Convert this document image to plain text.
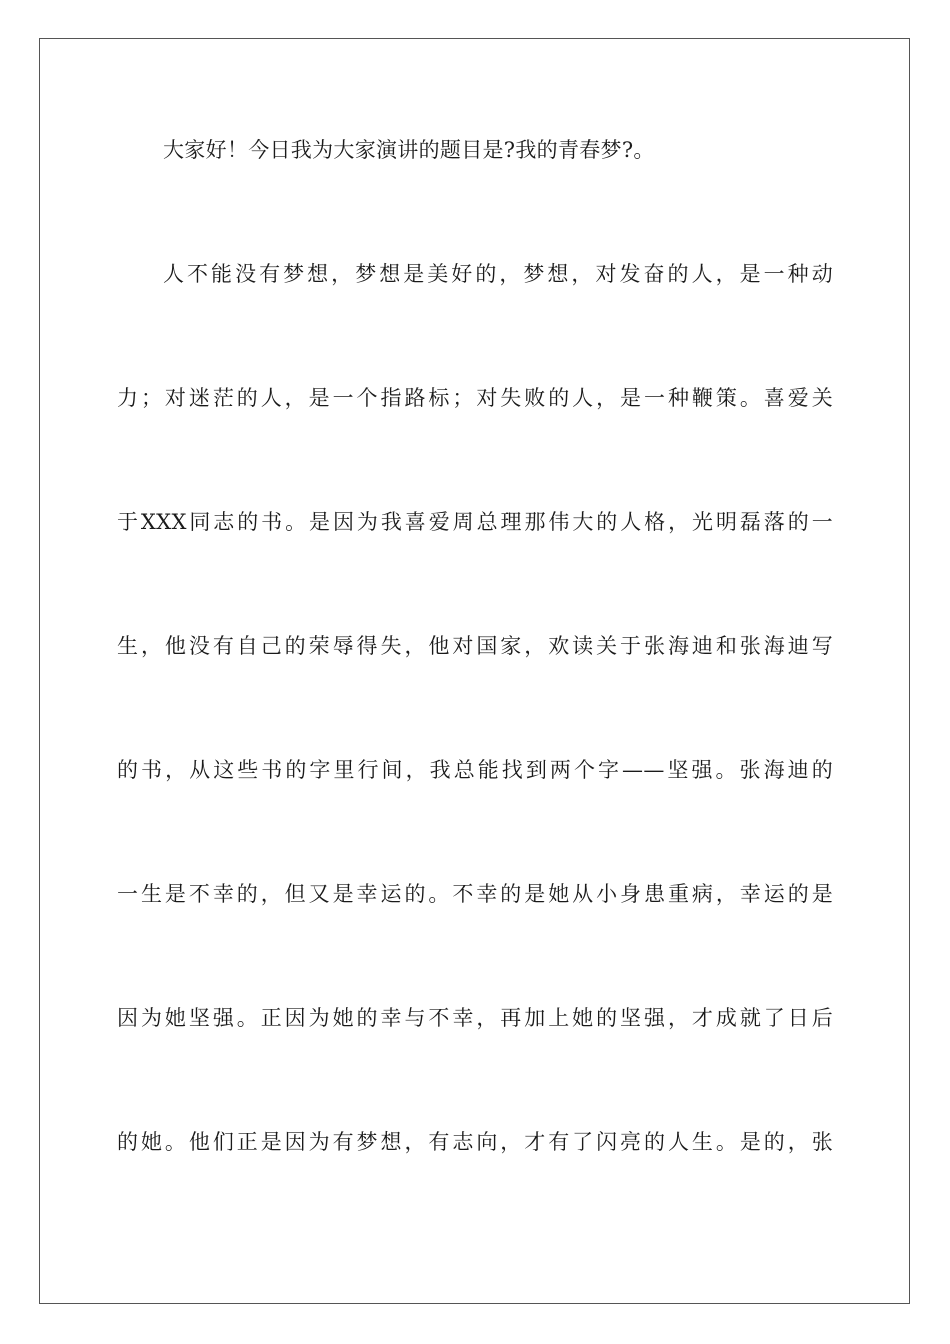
大家好！今日我为大家演讲的题目是?我的青春梦?。
人不能没有梦想，梦想是美好的，梦想，对发奋的人，是一种动
力；对迷茫的人，是一个指路标；对失败的人，是一种鞭策。喜爱关
于XXX同志的书。是因为我喜爱周总理那伟大的人格，光明磊落的一
生，他没有自己的荣辱得失，他对国家，欢读关于张海迪和张海迪写
的书，从这些书的字里行间，我总能找到两个字——坚强。张海迪的
一生是不幸的，但又是幸运的。不幸的是她从小身患重病，幸运的是
因为她坚强。正因为她的幸与不幸，再加上她的坚强，才成就了日后
的她。他们正是因为有梦想，有志向，才有了闪亮的人生。是的，张
